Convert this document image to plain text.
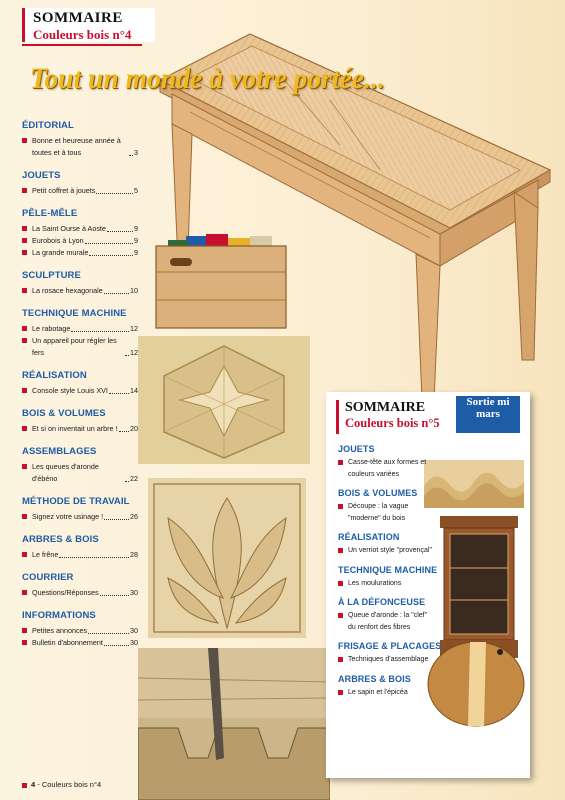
SOMMAIRE
Couleurs bois n°4
Tout un monde à votre portée...
ÉDITORIAL
Bonne et heureuse année à toutes et à tous	3
JOUETS
Petit coffret à jouets	5
PÊLE-MÊLE
La Saint Ourse à Aoste	9
Eurobois à Lyon	9
La grande murale	9
SCULPTURE
La rosace hexagonale	10
TECHNIQUE MACHINE
Le rabotage	12
Un appareil pour régler les fers	12
RÉALISATION
Console style Louis XVI	14
BOIS & VOLUMES
Et si on inventait un arbre ! 20
ASSEMBLAGES
Les queues d'aronde d'ébéno	22
MÉTHODE DE TRAVAIL
Signez votre usinage !	26
ARBRES & BOIS
Le frêne	28
COURRIER
Questions/Réponses	30
INFORMATIONS
Petites annonces	30
Bulletin d'abonnement	30
SOMMAIRE
Couleurs bois n°5
Sortie mi mars
JOUETS
Casse-tête aux formes et couleurs variées
BOIS & VOLUMES
Découpe : la vague "moderne" du bois
RÉALISATION
Un verriot style "provençal"
TECHNIQUE MACHINE
Les moulurations
À LA DÉFONCEUSE
Queue d'aronde : la "clef" du renfort des fibres
FRISAGE & PLACAGES
Techniques d'assemblage
ARBRES & BOIS
Le sapin et l'épicéa
4 - Couleurs bois n°4
